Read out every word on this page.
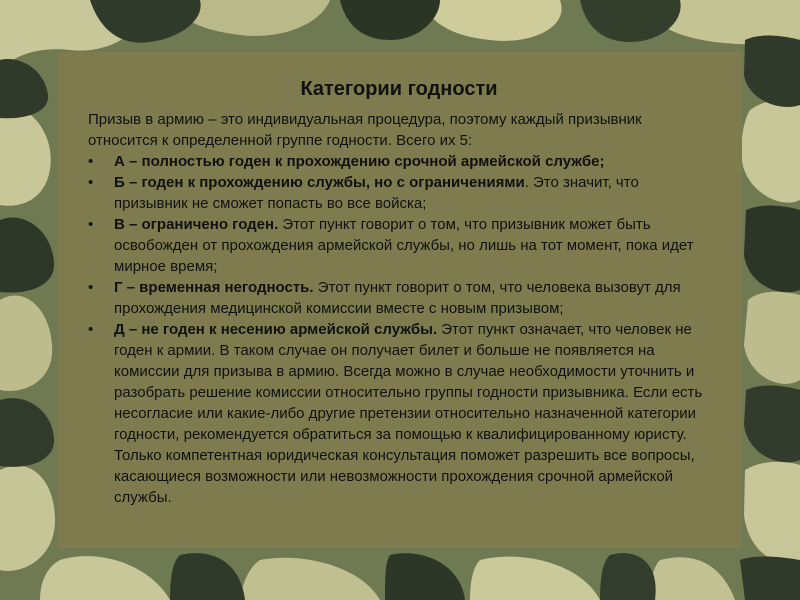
Категории годности

Призыв в армию – это индивидуальная процедура, поэтому каждый призывник относится к определенной группе годности. Всего их 5:

• А – полностью годен к прохождению срочной армейской службе;
• Б – годен к прохождению службы, но с ограничениями. Это значит, что призывник не сможет попасть во все войска;
• В – ограничено годен. Этот пункт говорит о том, что призывник может быть освобожден от прохождения армейской службы, но лишь на тот момент, пока идет мирное время;
• Г – временная негодность. Этот пункт говорит о том, что человека вызовут для прохождения медицинской комиссии вместе с новым призывом;
• Д – не годен к несению армейской службы. Этот пункт означает, что человек не годен к армии. В таком случае он получает билет и больше не появляется на комиссии для призыва в армию. Всегда можно в случае необходимости уточнить и разобрать решение комиссии относительно группы годности призывника. Если есть несогласие или какие-либо другие претензии относительно назначенной категории годности, рекомендуется обратиться за помощью к квалифицированному юристу. Только компетентная юридическая консультация поможет разрешить все вопросы, касающиеся возможности или невозможности прохождения срочной армейской службы.
